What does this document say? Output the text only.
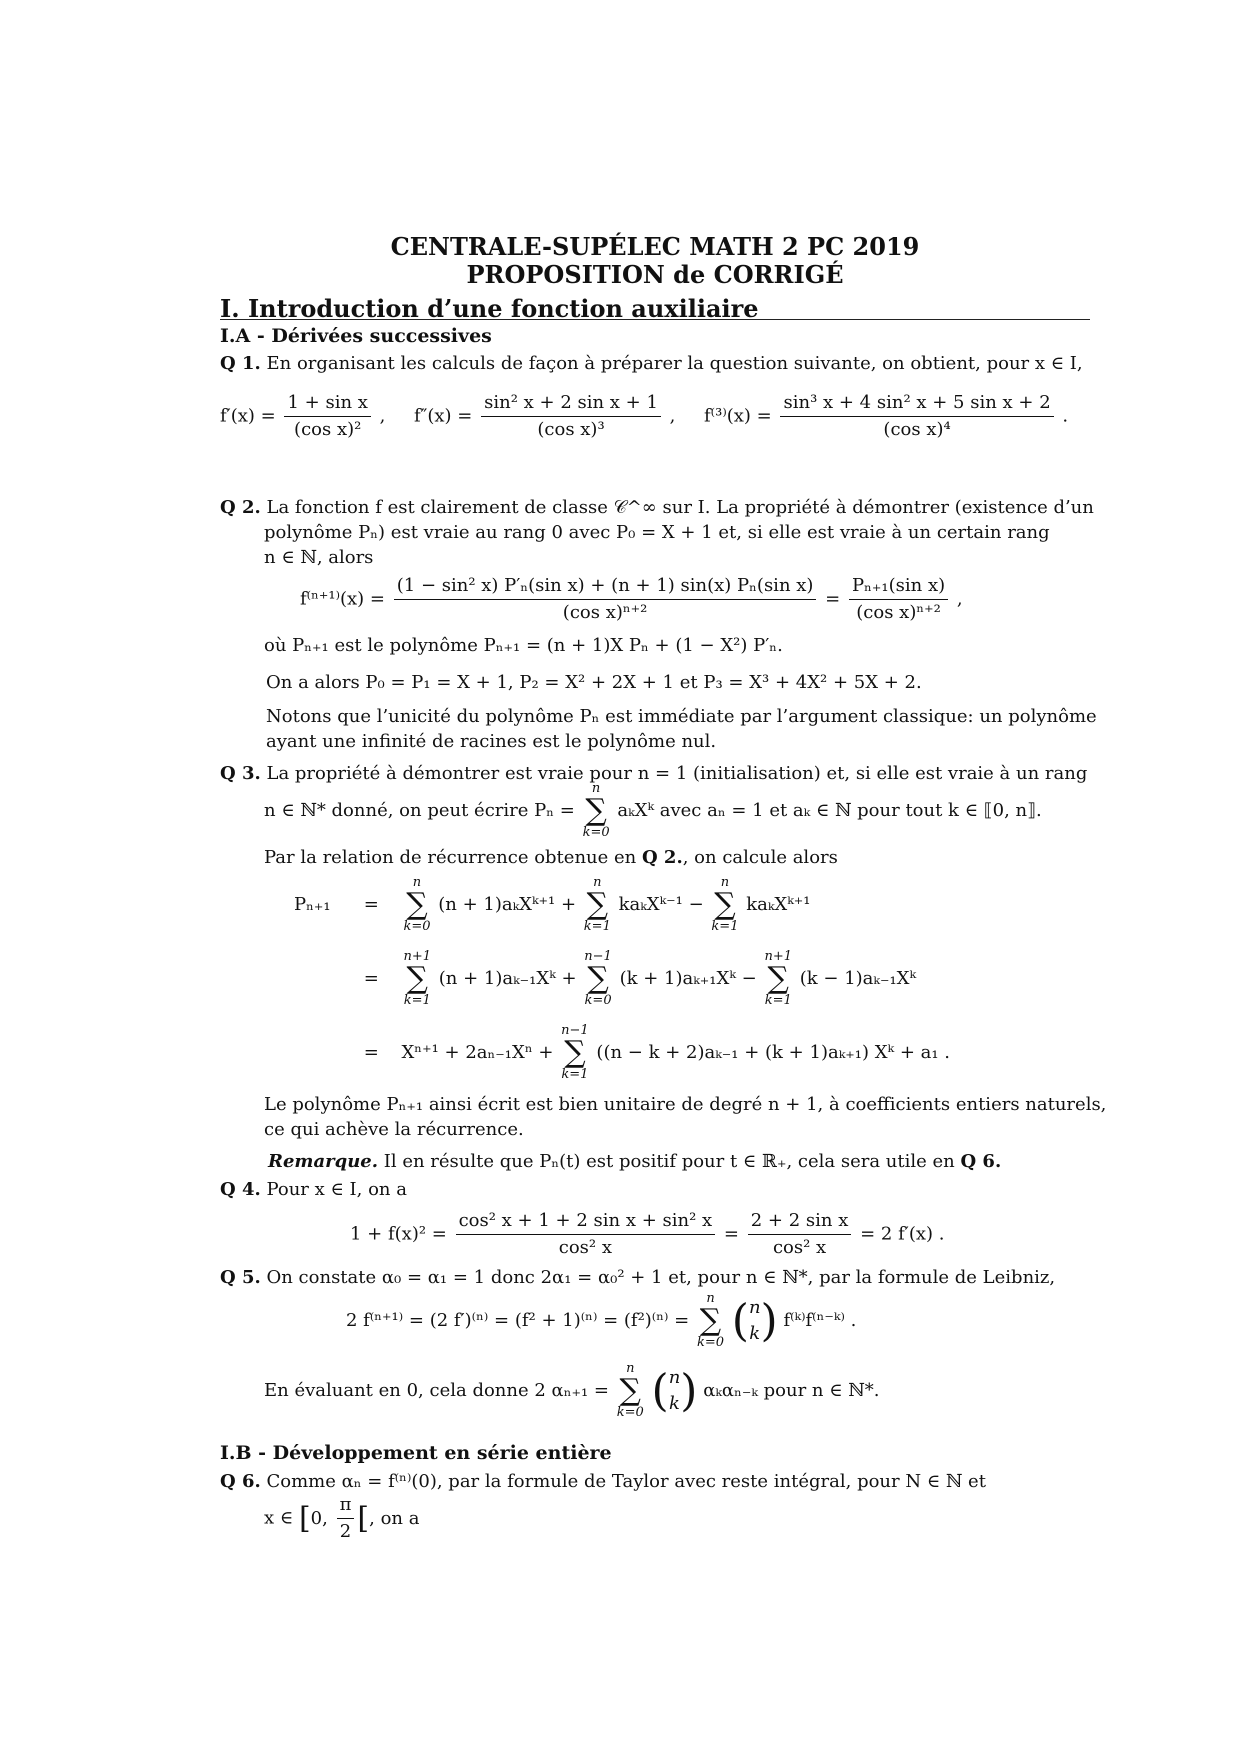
CENTRALE-SUPÉLEC MATH 2 PC 2019
PROPOSITION de CORRIGÉ
I. Introduction d’une fonction auxiliaire
I.A - Dérivées successives
Q 1. En organisant les calculs de façon à préparer la question suivante, on obtient, pour x ∈ I,
$f'(x) = \frac{\text{1 + sin x}}{\text{(cos x)²}}$ ,     $f''(x) = \frac{\text{sin² x + 2 sin x + 1}}{\text{(cos x)³}}$ ,     $f^{(3)}(x) = \frac{\text{sin³ x + 4 sin² x + 5 sin x + 2}}{\text{(cos x)⁴}}$ .
Q 2. La fonction f est clairement de classe 𝒞^∞ sur I. La propriété à démontrer (existence d’un
polynôme Pₙ) est vraie au rang 0 avec P₀ = X + 1 et, si elle est vraie à un certain rang
n ∈ ℕ, alors
$f^{(n+1)}(x) = \frac{\text{(1 − sin² x) P′ₙ(sin x) + (n + 1) sin(x) Pₙ(sin x)}}{\text{(cos x)ⁿ⁺²}} = \frac{\text{Pₙ₊₁(sin x)}}{\text{(cos x)ⁿ⁺²}}$ ,
où Pₙ₊₁ est le polynôme Pₙ₊₁ = (n + 1)X Pₙ + (1 − X²) P′ₙ.
On a alors P₀ = P₁ = X + 1, P₂ = X² + 2X + 1 et P₃ = X³ + 4X² + 5X + 2.
Notons que l’unicité du polynôme Pₙ est immédiate par l’argument classique: un polynôme
ayant une infinité de racines est le polynôme nul.
Q 3. La propriété à démontrer est vraie pour n = 1 (initialisation) et, si elle est vraie à un rang
n ∈ ℕ* donné, on peut écrire Pₙ =
n
∑
k=0
aₖXᵏ avec aₙ = 1 et aₖ ∈ ℕ pour tout k ∈ ⟦0, n⟧.
Par la relation de récurrence obtenue en Q 2., on calcule alors
Pₙ₊₁ =
n
∑
k=0
(n + 1)aₖXᵏ⁺¹ +
n
∑
k=1
kaₖXᵏ⁻¹ −
n
∑
k=1
kaₖXᵏ⁺¹
=
n+1
∑
k=1
(n + 1)aₖ₋₁Xᵏ +
n−1
∑
k=0
(k + 1)aₖ₊₁Xᵏ −
n+1
∑
k=1
(k − 1)aₖ₋₁Xᵏ
= Xⁿ⁺¹ + 2aₙ₋₁Xⁿ +
n−1
∑
k=1
((n − k + 2)aₖ₋₁ + (k + 1)aₖ₊₁) Xᵏ + a₁ .
Le polynôme Pₙ₊₁ ainsi écrit est bien unitaire de degré n + 1, à coefficients entiers naturels,
ce qui achève la récurrence.
Remarque. Il en résulte que Pₙ(t) est positif pour t ∈ ℝ₊, cela sera utile en Q 6.
Q 4. Pour x ∈ I, on a
$1 + f(x)^2 = \frac{\text{cos² x + 1 + 2 sin x + sin² x}}{\text{cos² x}} = \frac{\text{2 + 2 sin x}}{\text{cos² x}} = 2$ f′(x) .
Q 5. On constate α₀ = α₁ = 1 donc 2α₁ = α₀² + 1 et, pour n ∈ ℕ*, par la formule de Leibniz,
2 f⁽ⁿ⁺¹⁾ = (2 f′)⁽ⁿ⁾ = (f² + 1)⁽ⁿ⁾ = (f²)⁽ⁿ⁾ =
n
∑
k=0 ( n
k ) f⁽ᵏ⁾f⁽ⁿ⁻ᵏ⁾ .
En évaluant en 0, cela donne 2 αₙ₊₁ =
n
∑
k=0 ( n
k ) αₖαₙ₋ₖ pour n ∈ ℕ*.
I.B - Développement en série entière
Q 6. Comme αₙ = f⁽ⁿ⁾(0), par la formule de Taylor avec reste intégral, pour N ∈ ℕ et
x ∈ [0, $\frac{\pi}{2}$ [, on a
